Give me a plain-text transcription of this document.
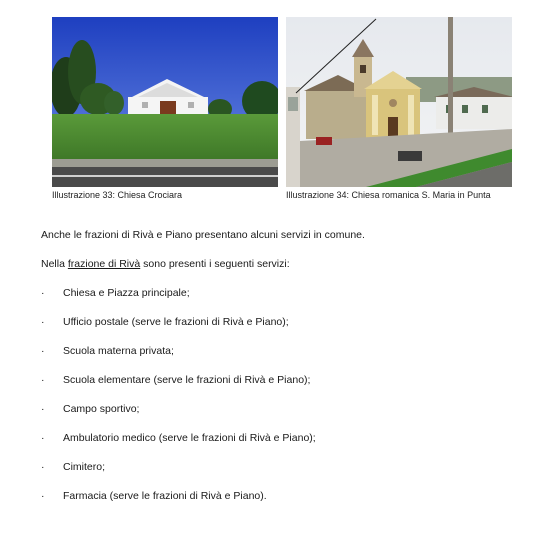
Illustrazione 33: Chiesa Crociara	Illustrazione 34: Chiesa romanica S. Maria in Punta

Anche le frazioni di Rivà e Piano presentano alcuni servizi in comune.

Nella frazione di Rivà sono presenti i seguenti servizi:

·	Chiesa e Piazza principale;
·	Ufficio postale (serve le frazioni di Rivà e Piano);
·	Scuola materna privata;
·	Scuola elementare (serve le frazioni di Rivà e Piano);
·	Campo sportivo;
·	Ambulatorio medico (serve le frazioni di Rivà e Piano);
·	Cimitero;
·	Farmacia (serve le frazioni di Rivà e Piano).
